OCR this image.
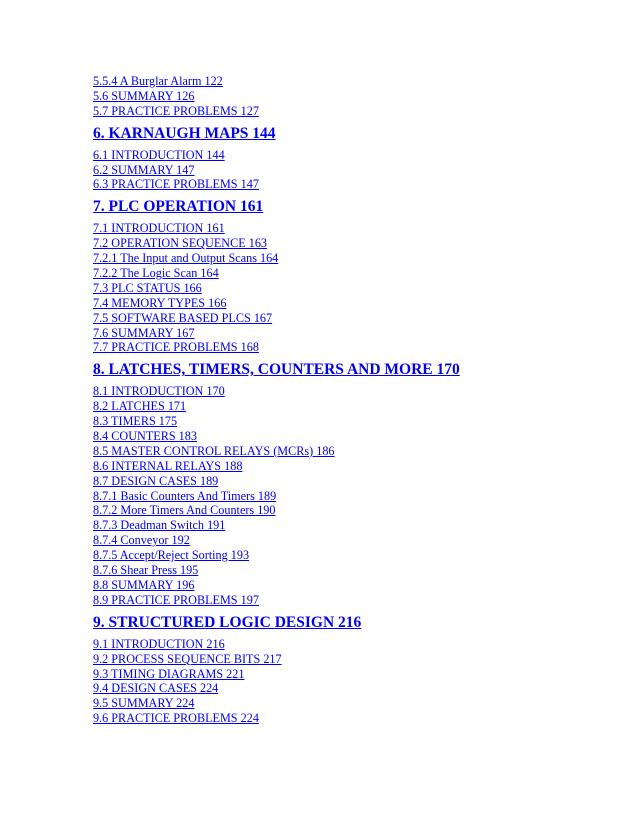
5.5.4 A Burglar Alarm 122
5.6 SUMMARY 126
5.7 PRACTICE PROBLEMS 127
6. KARNAUGH MAPS 144
6.1 INTRODUCTION 144
6.2 SUMMARY 147
6.3 PRACTICE PROBLEMS 147
7. PLC OPERATION 161
7.1 INTRODUCTION 161
7.2 OPERATION SEQUENCE 163
7.2.1 The Input and Output Scans 164
7.2.2 The Logic Scan 164
7.3 PLC STATUS 166
7.4 MEMORY TYPES 166
7.5 SOFTWARE BASED PLCS 167
7.6 SUMMARY 167
7.7 PRACTICE PROBLEMS 168
8. LATCHES, TIMERS, COUNTERS AND MORE 170
8.1 INTRODUCTION 170
8.2 LATCHES 171
8.3 TIMERS 175
8.4 COUNTERS 183
8.5 MASTER CONTROL RELAYS (MCRs) 186
8.6 INTERNAL RELAYS 188
8.7 DESIGN CASES 189
8.7.1 Basic Counters And Timers 189
8.7.2 More Timers And Counters 190
8.7.3 Deadman Switch 191
8.7.4 Conveyor 192
8.7.5 Accept/Reject Sorting 193
8.7.6 Shear Press 195
8.8 SUMMARY 196
8.9 PRACTICE PROBLEMS 197
9. STRUCTURED LOGIC DESIGN 216
9.1 INTRODUCTION 216
9.2 PROCESS SEQUENCE BITS 217
9.3 TIMING DIAGRAMS 221
9.4 DESIGN CASES 224
9.5 SUMMARY 224
9.6 PRACTICE PROBLEMS 224
